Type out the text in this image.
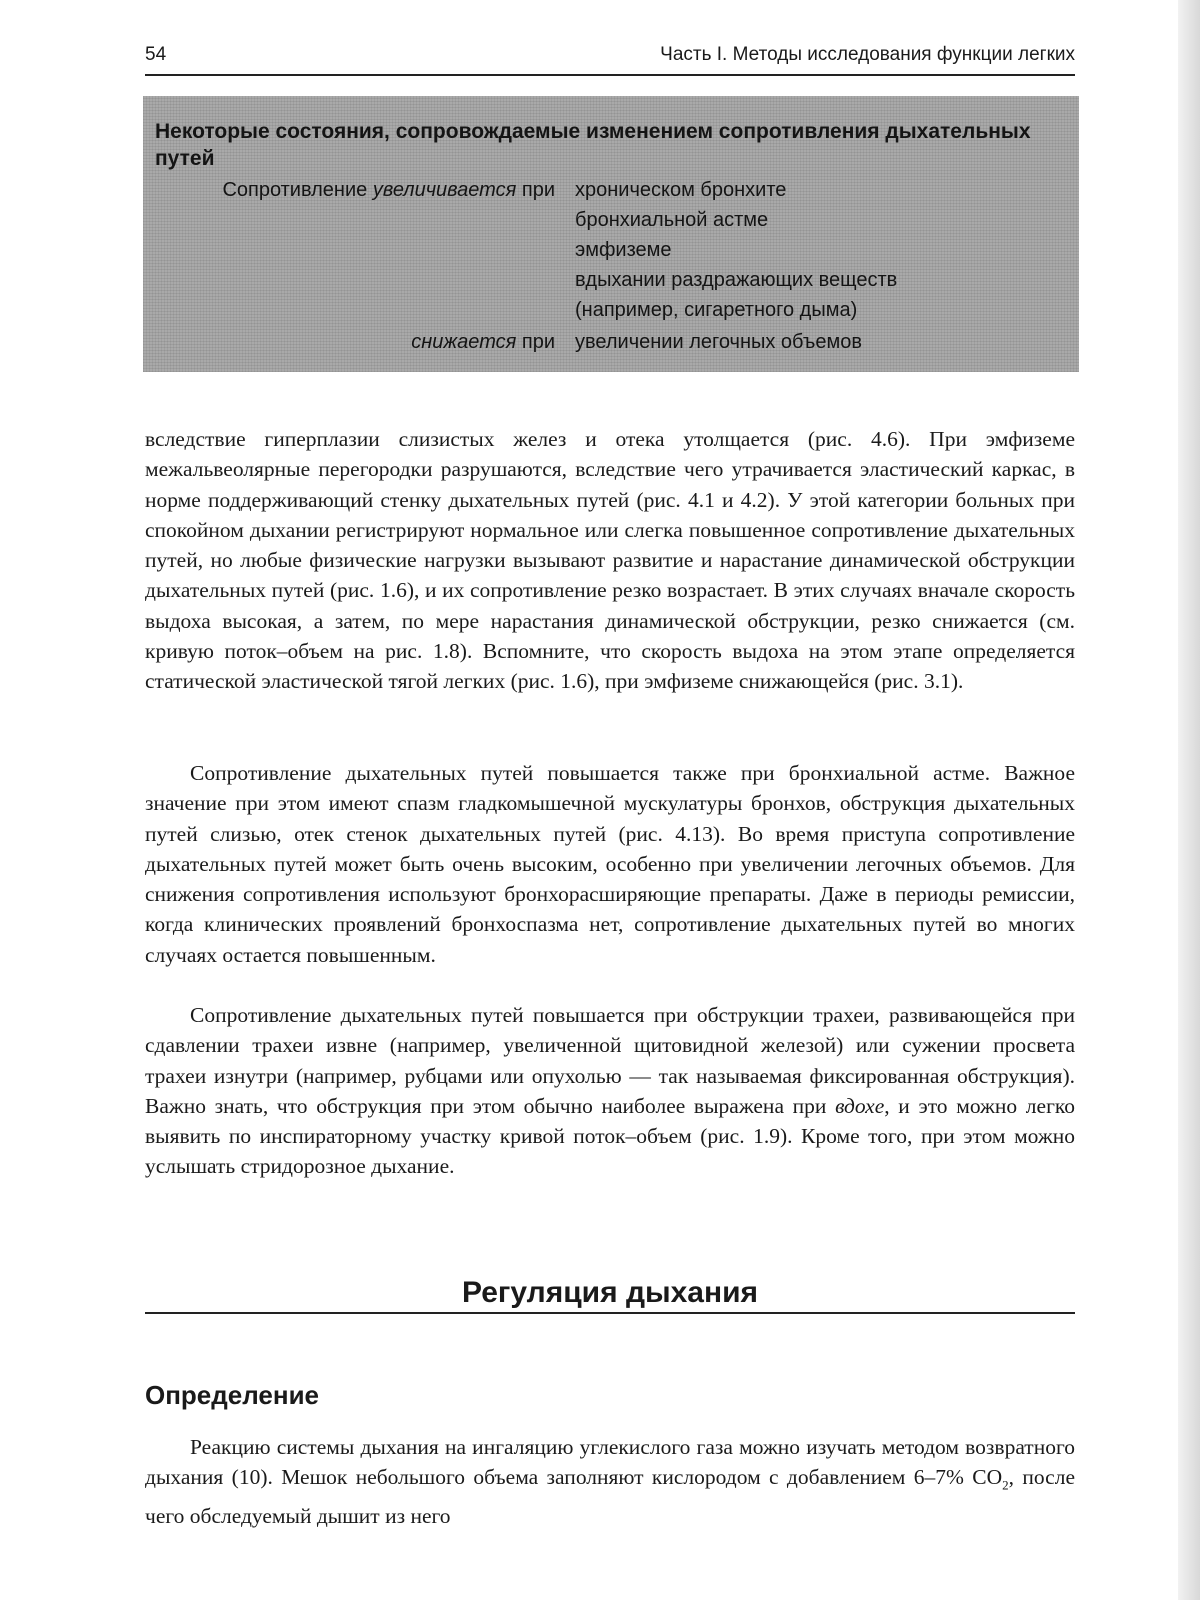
54	Часть I. Методы исследования функции легких
Некоторые состояния, сопровождаемые изменением сопротивления дыхательных путей
Сопротивление увеличивается при хроническом бронхите
бронхиальной астме
эмфиземе
вдыхании раздражающих веществ
(например, сигаретного дыма)
снижается при увеличении легочных объемов

вследствие гиперплазии слизистых желез и отека утолщается (рис. 4.6). При эмфиземе межальвеолярные перегородки разрушаются, вследствие чего утрачивается эластический каркас, в норме поддерживающий стенку дыхательных путей (рис. 4.1 и 4.2). У этой категории больных при спокойном дыхании регистрируют нормальное или слегка повышенное сопротивление дыхательных путей, но любые физические нагрузки вызывают развитие и нарастание динамической обструкции дыхательных путей (рис. 1.6), и их сопротивление резко возрастает. В этих случаях вначале скорость выдоха высокая, а затем, по мере нарастания динамической обструкции, резко снижается (см. кривую поток–объем на рис. 1.8). Вспомните, что скорость выдоха на этом этапе определяется статической эластической тягой легких (рис. 1.6), при эмфиземе снижающейся (рис. 3.1).

Сопротивление дыхательных путей повышается также при бронхиальной астме. Важное значение при этом имеют спазм гладкомышечной мускулатуры бронхов, обструкция дыхательных путей слизью, отек стенок дыхательных путей (рис. 4.13). Во время приступа сопротивление дыхательных путей может быть очень высоким, особенно при увеличении легочных объемов. Для снижения сопротивления используют бронхорасширяющие препараты. Даже в периоды ремиссии, когда клинических проявлений бронхоспазма нет, сопротивление дыхательных путей во многих случаях остается повышенным.

Сопротивление дыхательных путей повышается при обструкции трахеи, развивающейся при сдавлении трахеи извне (например, увеличенной щитовидной железой) или сужении просвета трахеи изнутри (например, рубцами или опухолью — так называемая фиксированная обструкция). Важно знать, что обструкция при этом обычно наиболее выражена при вдохе, и это можно легко выявить по инспираторному участку кривой поток–объем (рис. 1.9). Кроме того, при этом можно услышать стридорозное дыхание.

Регуляция дыхания
Определение

Реакцию системы дыхания на ингаляцию углекислого газа можно изучать методом возвратного дыхания (10). Мешок небольшого объема заполняют кислородом с добавлением 6–7% $CO_2$, после чего обследуемый дышит из него
